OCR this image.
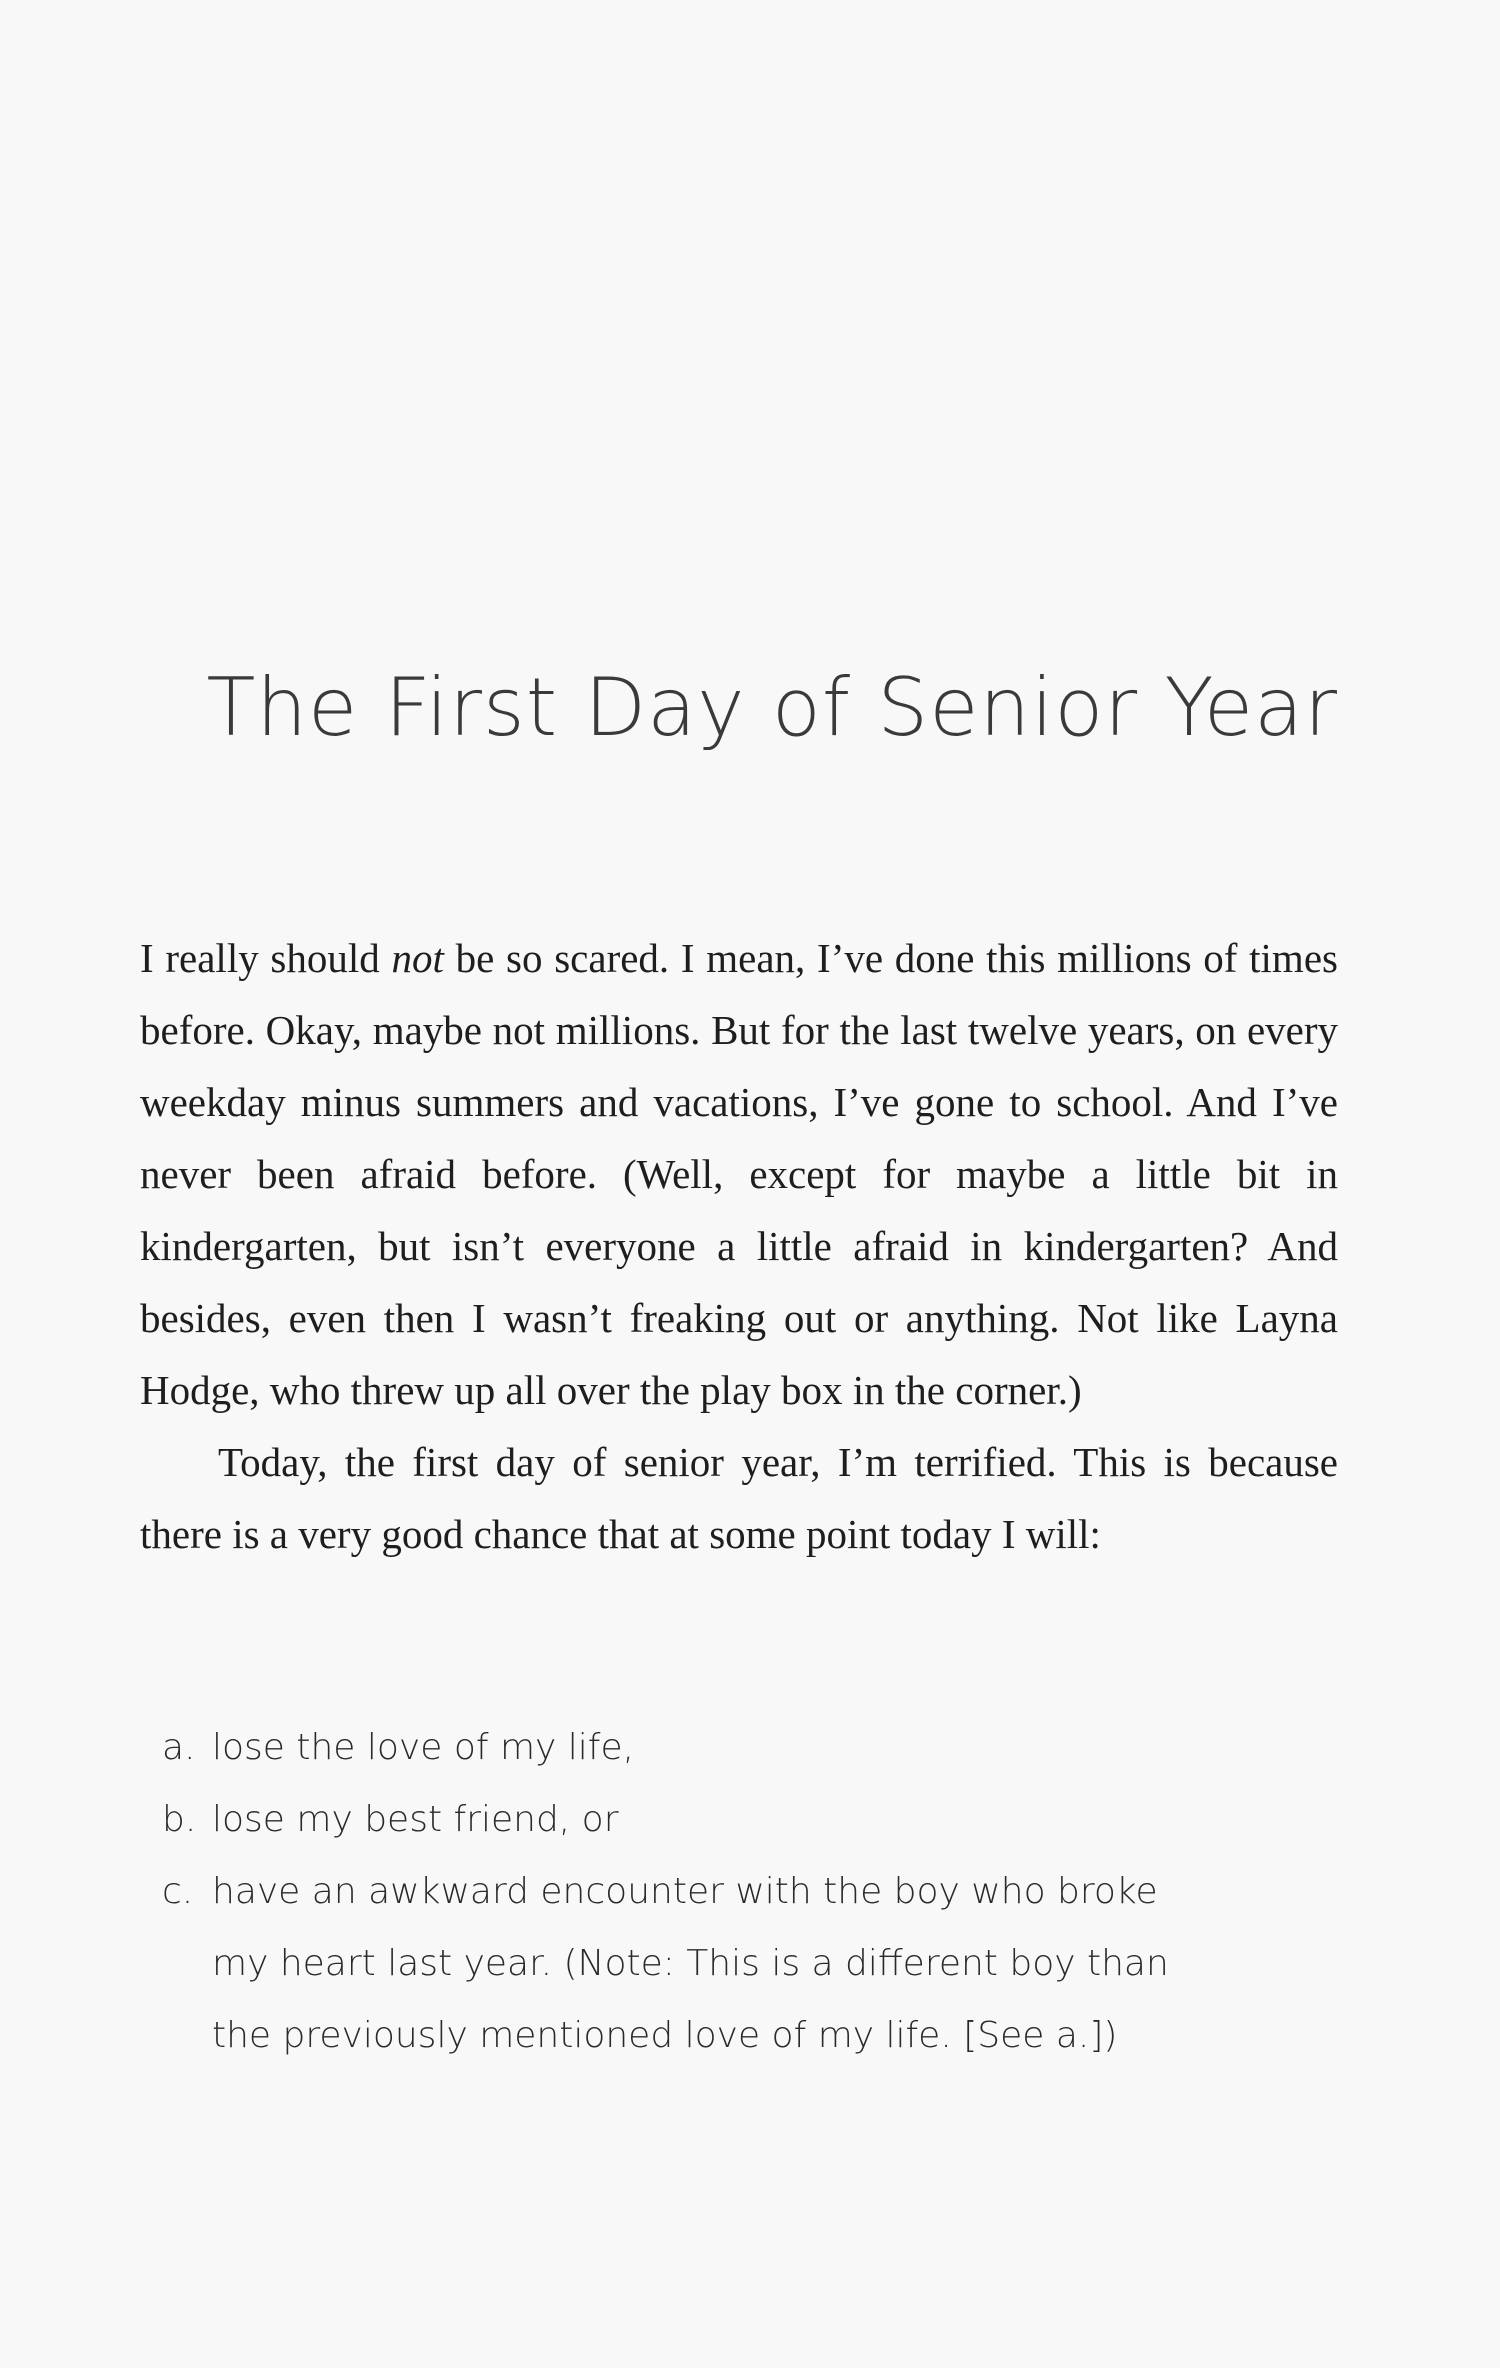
The First Day of Senior Year

I really should not be so scared. I mean, I’ve done this millions of times before. Okay, maybe not millions. But for the last twelve years, on every weekday minus summers and vacations, I’ve gone to school. And I’ve never been afraid before. (Well, except for maybe a little bit in kindergarten, but isn’t everyone a little afraid in kindergarten? And besides, even then I wasn’t freaking out or anything. Not like Layna Hodge, who threw up all over the play box in the corner.)

Today, the first day of senior year, I’m terrified. This is because there is a very good chance that at some point today I will:

a. lose the love of my life,
b. lose my best friend, or
c. have an awkward encounter with the boy who broke my heart last year. (Note: This is a different boy than the previously mentioned love of my life. [See a.])
